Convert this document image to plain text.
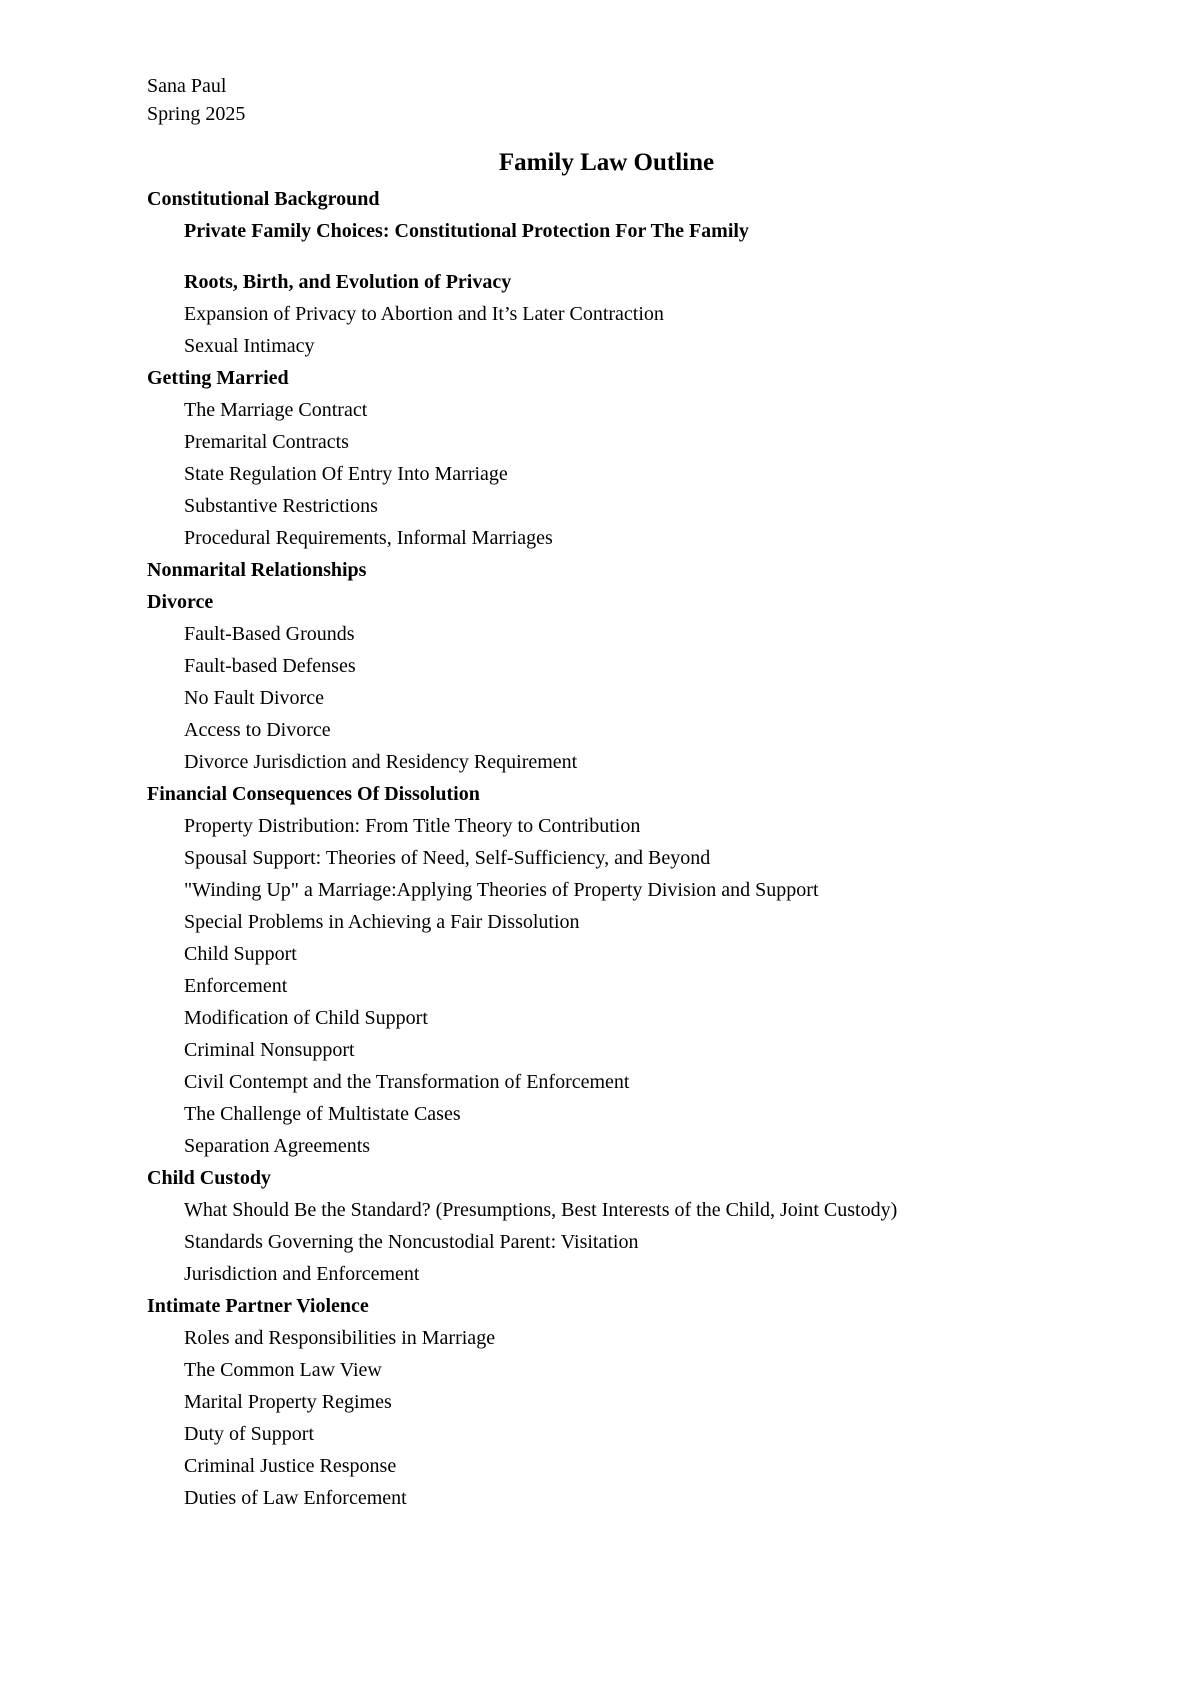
Sana Paul
Spring 2025
Family Law Outline
Constitutional Background
Private Family Choices: Constitutional Protection For The Family
Roots, Birth, and Evolution of Privacy
Expansion of Privacy to Abortion and It’s Later Contraction
Sexual Intimacy
Getting Married
The Marriage Contract
Premarital Contracts
State Regulation Of Entry Into Marriage
Substantive Restrictions
Procedural Requirements, Informal Marriages
Nonmarital Relationships
Divorce
Fault-Based Grounds
Fault-based Defenses
No Fault Divorce
Access to Divorce
Divorce Jurisdiction and Residency Requirement
Financial Consequences Of Dissolution
Property Distribution: From Title Theory to Contribution
Spousal Support: Theories of Need, Self-Sufficiency, and Beyond
"Winding Up" a Marriage:Applying Theories of Property Division and Support
Special Problems in Achieving a Fair Dissolution
Child Support
Enforcement
Modification of Child Support
Criminal Nonsupport
Civil Contempt and the Transformation of Enforcement
The Challenge of Multistate Cases
Separation Agreements
Child Custody
What Should Be the Standard? (Presumptions, Best Interests of the Child, Joint Custody)
Standards Governing the Noncustodial Parent: Visitation
Jurisdiction and Enforcement
Intimate Partner Violence
Roles and Responsibilities in Marriage
The Common Law View
Marital Property Regimes
Duty of Support
Criminal Justice Response
Duties of Law Enforcement
